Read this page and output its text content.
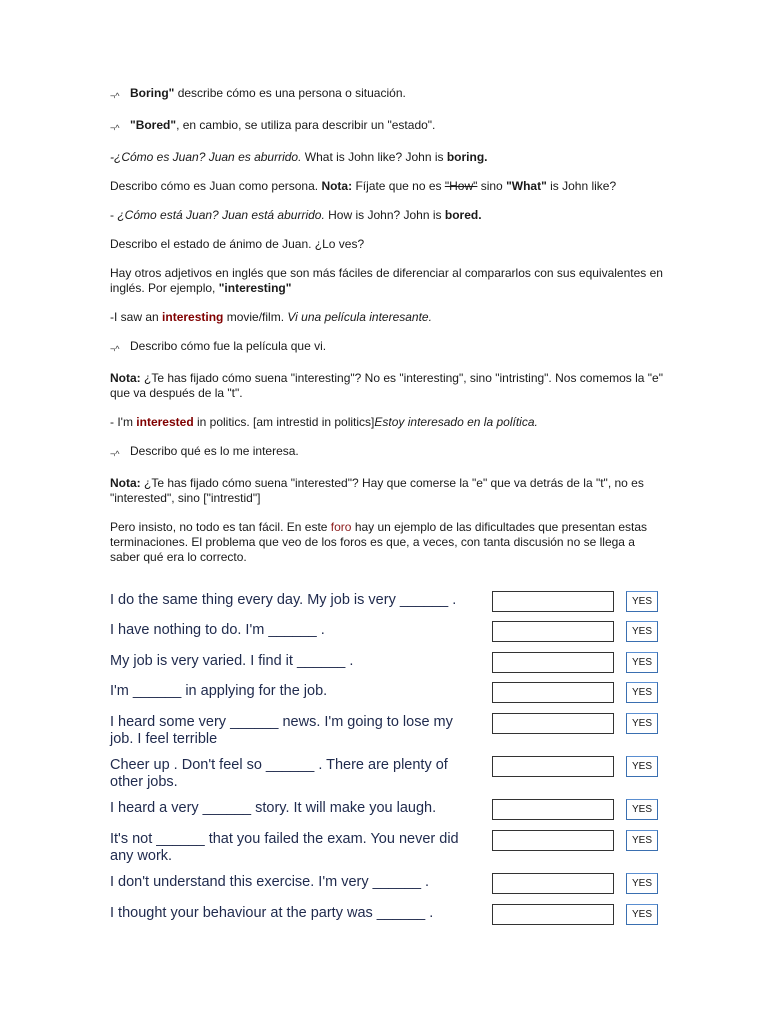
¬^ Boring" describe cómo es una persona o situación.

¬^ "Bored", en cambio, se utiliza para describir un "estado".

-¿Cómo es Juan? Juan es aburrido. What is John like? John is boring.

Describo cómo es Juan como persona. Nota: Fíjate que no es "How" sino "What" is John like?

- ¿Cómo está Juan? Juan está aburrido. How is John? John is bored.

Describo el estado de ánimo de Juan. ¿Lo ves?

Hay otros adjetivos en inglés que son más fáciles de diferenciar al compararlos con sus equivalentes en inglés. Por ejemplo, "interesting"

-I saw an interesting movie/film. Vi una película interesante.

¬^ Describo cómo fue la película que vi.

Nota: ¿Te has fijado cómo suena "interesting"? No es "interesting", sino "intristing". Nos comemos la "e" que va después de la "t".

- I'm interested in politics. [am intrestid in politics]Estoy interesado en la política.

¬^ Describo qué es lo me interesa.

Nota: ¿Te has fijado cómo suena "interested"? Hay que comerse la "e" que va detrás de la "t", no es "interested", sino ["intrestid"]

Pero insisto, no todo es tan fácil. En este foro hay un ejemplo de las dificultades que presentan estas terminaciones. El problema que veo de los foros es que, a veces, con tanta discusión no se llega a saber qué era lo correcto.

I do the same thing every day. My job is very ______ .	YES
I have nothing to do. I'm ______ .	YES
My job is very varied. I find it ______ .	YES
I'm ______ in applying for the job.	YES
I heard some very ______ news. I'm going to lose my job. I feel terrible
YES
Cheer up . Don't feel so ______ . There are plenty of other jobs.
YES
I heard a very ______ story. It will make you laugh.	YES
It's not ______ that you failed the exam. You never did any work.
YES
I don't understand this exercise. I'm very ______ .	YES
I thought your behaviour at the party was ______ .	YES
